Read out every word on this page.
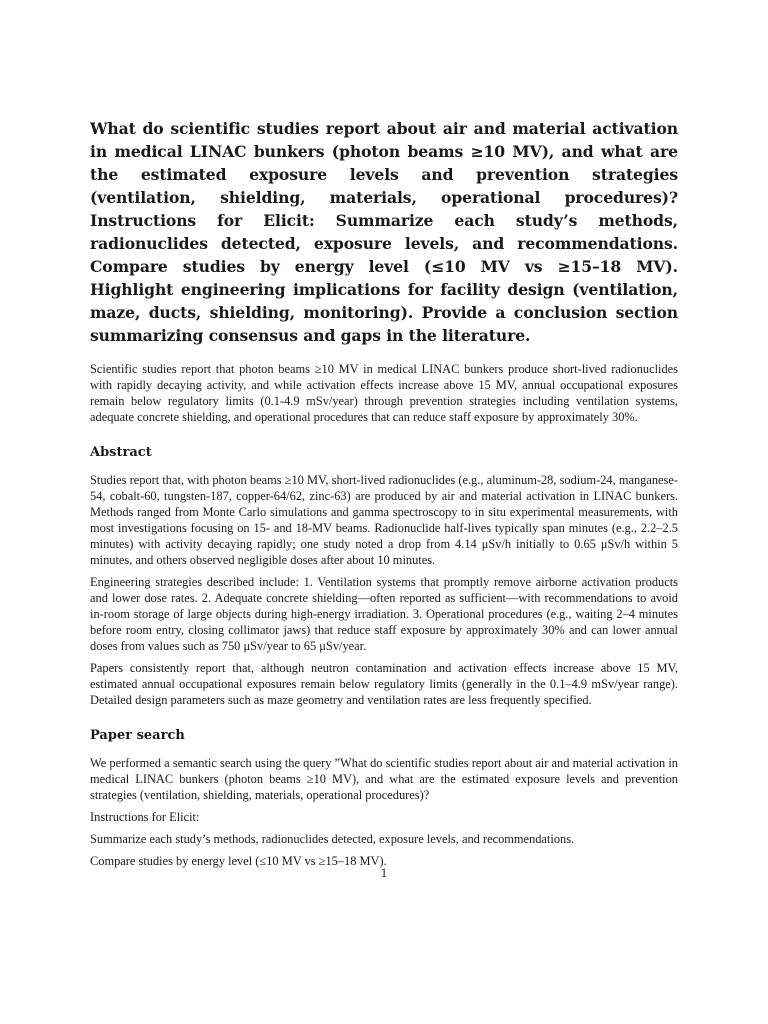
What do scientific studies report about air and material activation in medical LINAC bunkers (photon beams ≥10 MV), and what are the estimated exposure levels and prevention strategies (ventilation, shielding, materials, operational procedures)? Instructions for Elicit: Summarize each study’s methods, radionuclides detected, exposure levels, and recommendations. Compare studies by energy level (≤10 MV vs ≥15–18 MV). Highlight engineering implications for facility design (ventilation, maze, ducts, shielding, monitoring). Provide a conclusion section summarizing consensus and gaps in the literature.
Scientific studies report that photon beams ≥10 MV in medical LINAC bunkers produce short-lived radionuclides with rapidly decaying activity, and while activation effects increase above 15 MV, annual occupational exposures remain below regulatory limits (0.1-4.9 mSv/year) through prevention strategies including ventilation systems, adequate concrete shielding, and operational procedures that can reduce staff exposure by approximately 30%.
Abstract
Studies report that, with photon beams ≥10 MV, short-lived radionuclides (e.g., aluminum-28, sodium-24, manganese-54, cobalt-60, tungsten-187, copper-64/62, zinc-63) are produced by air and material activation in LINAC bunkers. Methods ranged from Monte Carlo simulations and gamma spectroscopy to in situ experimental measurements, with most investigations focusing on 15- and 18-MV beams. Radionuclide half-lives typically span minutes (e.g., 2.2–2.5 minutes) with activity decaying rapidly; one study noted a drop from 4.14 μSv/h initially to 0.65 μSv/h within 5 minutes, and others observed negligible doses after about 10 minutes.
Engineering strategies described include: 1. Ventilation systems that promptly remove airborne activation products and lower dose rates. 2. Adequate concrete shielding—often reported as sufficient—with recommendations to avoid in-room storage of large objects during high-energy irradiation. 3. Operational procedures (e.g., waiting 2–4 minutes before room entry, closing collimator jaws) that reduce staff exposure by approximately 30% and can lower annual doses from values such as 750 μSv/year to 65 μSv/year.
Papers consistently report that, although neutron contamination and activation effects increase above 15 MV, estimated annual occupational exposures remain below regulatory limits (generally in the 0.1–4.9 mSv/year range). Detailed design parameters such as maze geometry and ventilation rates are less frequently specified.
Paper search
We performed a semantic search using the query ”What do scientific studies report about air and material activation in medical LINAC bunkers (photon beams ≥10 MV), and what are the estimated exposure levels and prevention strategies (ventilation, shielding, materials, operational procedures)?
Instructions for Elicit:
Summarize each study’s methods, radionuclides detected, exposure levels, and recommendations.
Compare studies by energy level (≤10 MV vs ≥15–18 MV).
1
